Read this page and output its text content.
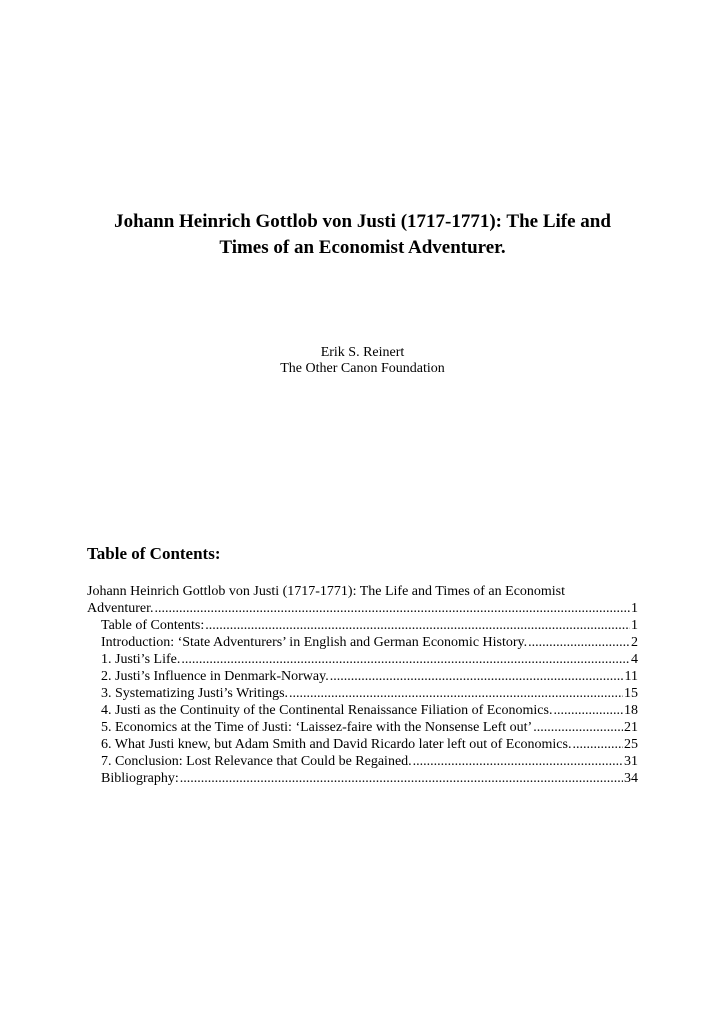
Johann Heinrich Gottlob von Justi (1717-1771): The Life and
Times of an Economist Adventurer.
Erik S. Reinert
The Other Canon Foundation
Table of Contents:
Johann Heinrich Gottlob von Justi (1717-1771): The Life and Times of an Economist
Adventurer. .....	1
Table of Contents: .....	1
Introduction: ‘State Adventurers’ in English and German Economic History. .....	2
1. Justi’s Life. .....	4
2. Justi’s Influence in Denmark-Norway. .....	11
3. Systematizing Justi’s Writings. .....	15
4. Justi as the Continuity of the Continental Renaissance Filiation of Economics. .....	18
5. Economics at the Time of Justi: ‘Laissez-faire with the Nonsense Left out’ .....	21
6. What Justi knew, but Adam Smith and David Ricardo later left out of Economics. .....	25
7. Conclusion: Lost Relevance that Could be Regained. .....	31
Bibliography: .....	34
